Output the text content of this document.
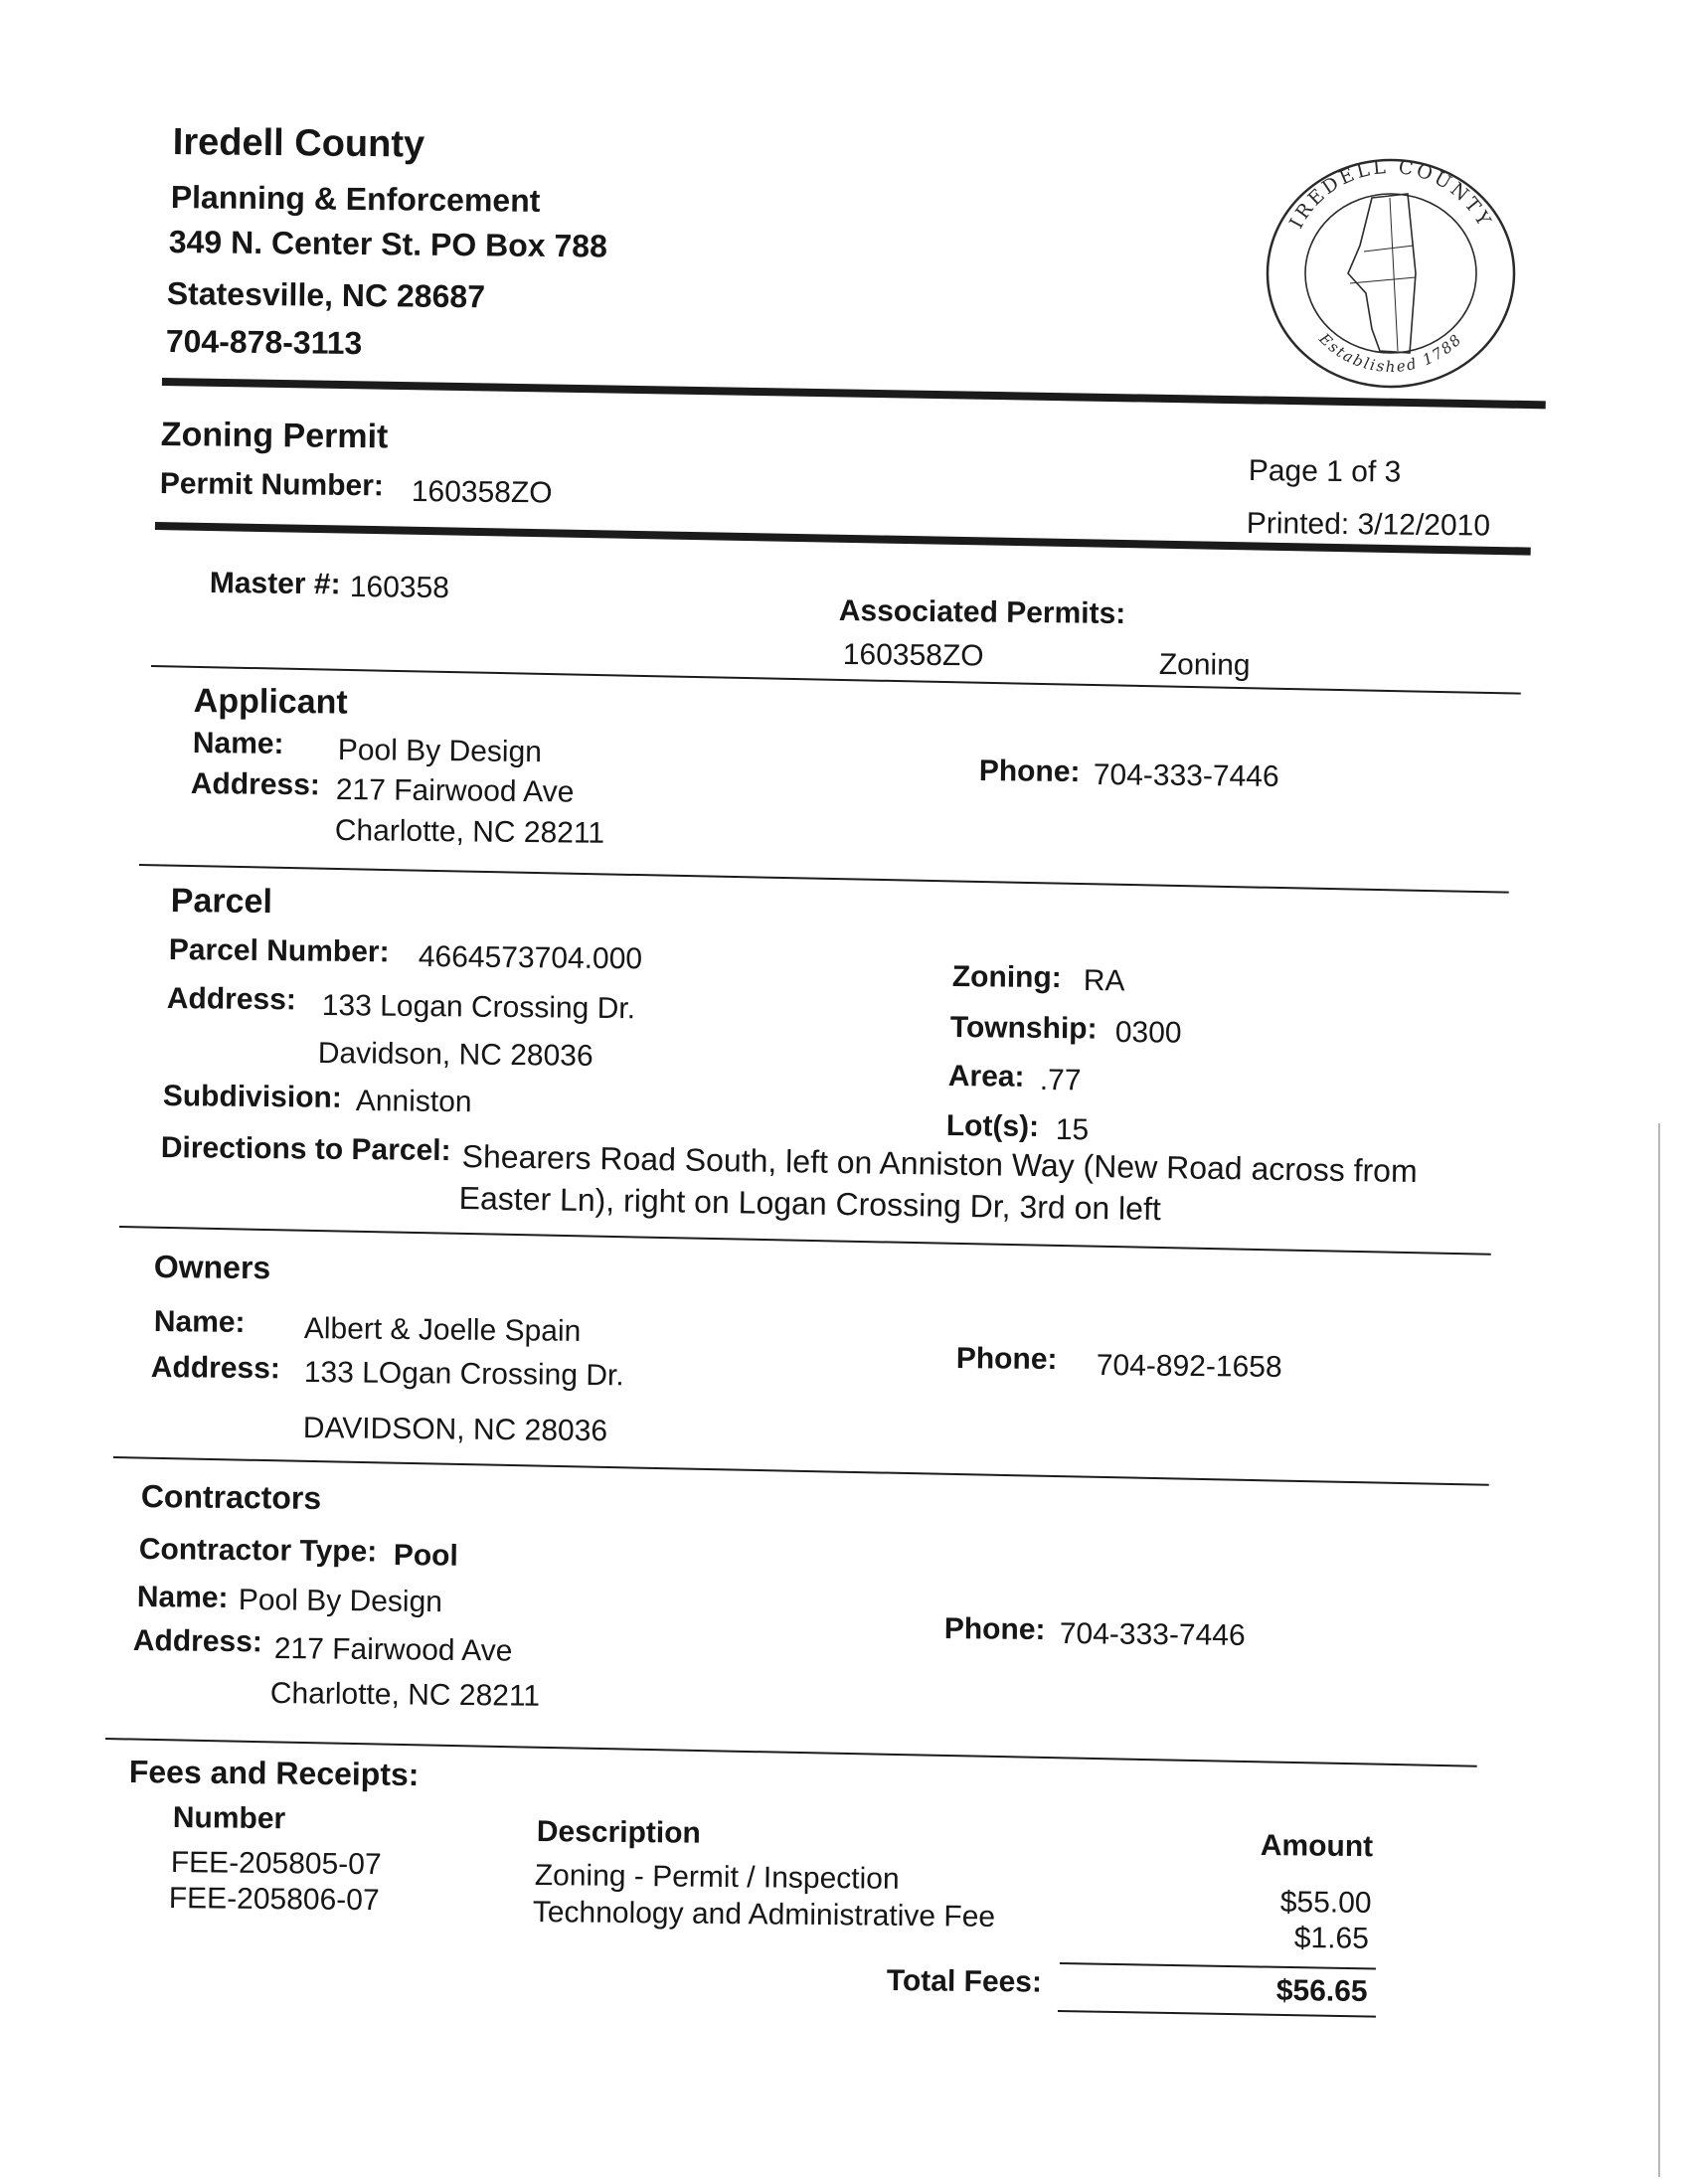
Iredell County
Planning & Enforcement
349 N. Center St. PO Box 788
Statesville, NC 28687
704-878-3113
IREDELL COUNTY
Established 1788
Zoning Permit
Permit Number: 160358ZO
Page 1 of 3
Printed: 3/12/2010
Master #: 160358
Associated Permits:
160358ZO	Zoning
Applicant
Name: Pool By Design
Address: 217 Fairwood Ave
Charlotte, NC 28211
Phone: 704-333-7446
Parcel
Parcel Number: 4664573704.000
Address: 133 Logan Crossing Dr.
Davidson, NC 28036
Subdivision: Anniston
Zoning: RA
Township: 0300
Area: .77
Lot(s): 15
Directions to Parcel: Shearers Road South, left on Anniston Way (New Road across from
Easter Ln), right on Logan Crossing Dr, 3rd on left
Owners
Name: Albert & Joelle Spain
Address: 133 LOgan Crossing Dr.
DAVIDSON, NC 28036
Phone: 704-892-1658
Contractors
Contractor Type: Pool
Name: Pool By Design
Address: 217 Fairwood Ave
Charlotte, NC 28211
Phone: 704-333-7446
Fees and Receipts:
Number	Description	Amount
FEE-205805-07	Zoning - Permit / Inspection
$55.00
FEE-205806-07	Technology and Administrative Fee
$1.65
Total Fees:	$56.65
